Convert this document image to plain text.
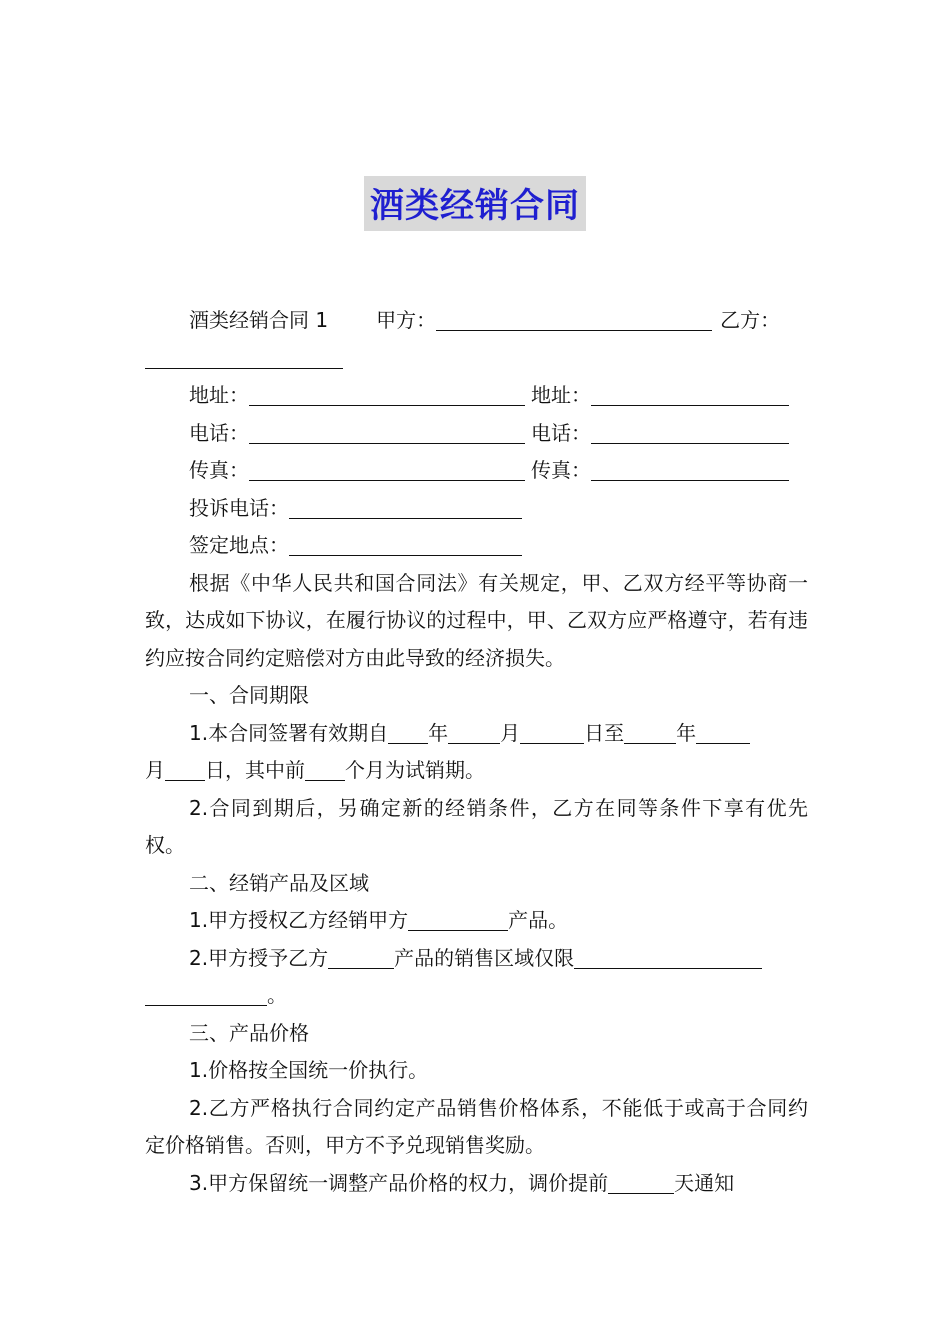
酒类经销合同
酒类经销合同 1 甲方：	乙方：
地址：	地址：
电话：	电话：
传真：	传真：
投诉电话：
签定地点：
根据《中华人民共和国合同法》有关规定，甲、乙双方经平等协商一致，达成如下协议，在履行协议的过程中，甲、乙双方应严格遵守，若有违约应按合同约定赔偿对方由此导致的经济损失。
一、合同期限
1.本合同签署有效期自 年	月	日至	年
月 日，其中前 个月为试销期。
2.合同到期后，另确定新的经销条件，乙方在同等条件下享有优先权。
二、经销产品及区域
1.甲方授权乙方经销甲方	产品。
2.甲方授予乙方	产品的销售区域仅限
。
三、产品价格
1.价格按全国统一价执行。
2.乙方严格执行合同约定产品销售价格体系，不能低于或高于合同约定价格销售。否则，甲方不予兑现销售奖励。
3.甲方保留统一调整产品价格的权力，调价提前	天通知
